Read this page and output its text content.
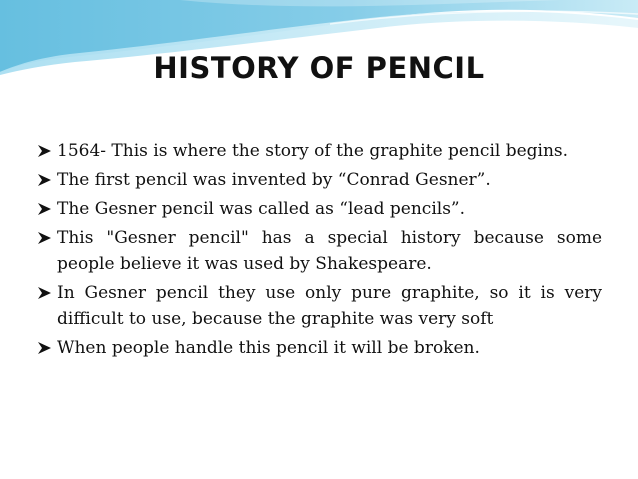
HISTORY OF PENCIL
1564- This is where the story of the graphite pencil begins.
The first pencil was invented by “Conrad Gesner”.
The Gesner pencil was called as “lead pencils”.
This "Gesner pencil" has a special history because some people believe it was used by Shakespeare.
In Gesner pencil they use only pure graphite, so it is very difficult to use, because the graphite was very soft
When people handle this pencil it will be broken.
